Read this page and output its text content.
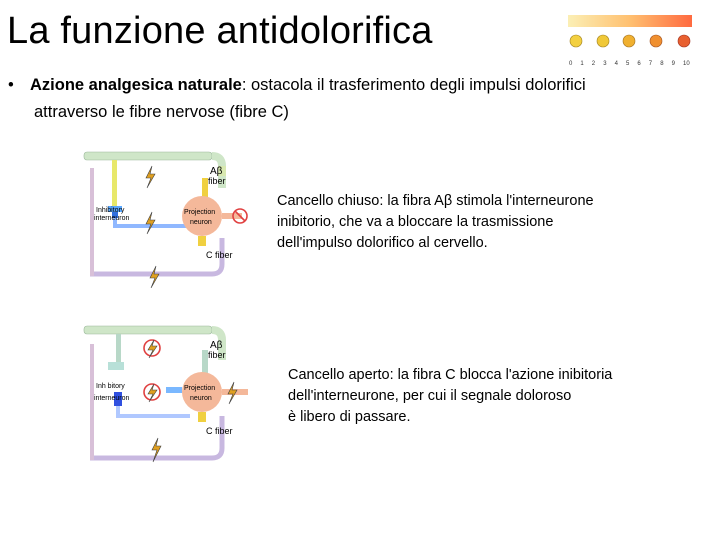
La funzione antidolorifica
• Azione analgesica naturale: ostacola il trasferimento degli impulsi dolorifici
attraverso le fibre nervose (fibre C)
0 1 2 3 4 5 6 7 8 9 10
Aβ
fiber
Inhibitory
interneuron
Projection
neuron
C fiber
Aβ
fiber
Inh bitory
interneuron
Projection
neuron
C fiber
Cancello chiuso: la fibra Aβ stimola l'interneurone
inibitorio, che va a bloccare la trasmissione
dell'impulso dolorifico al cervello.
Cancello aperto: la fibra C blocca l'azione inibitoria
dell'interneurone, per cui il segnale doloroso
è libero di passare.
